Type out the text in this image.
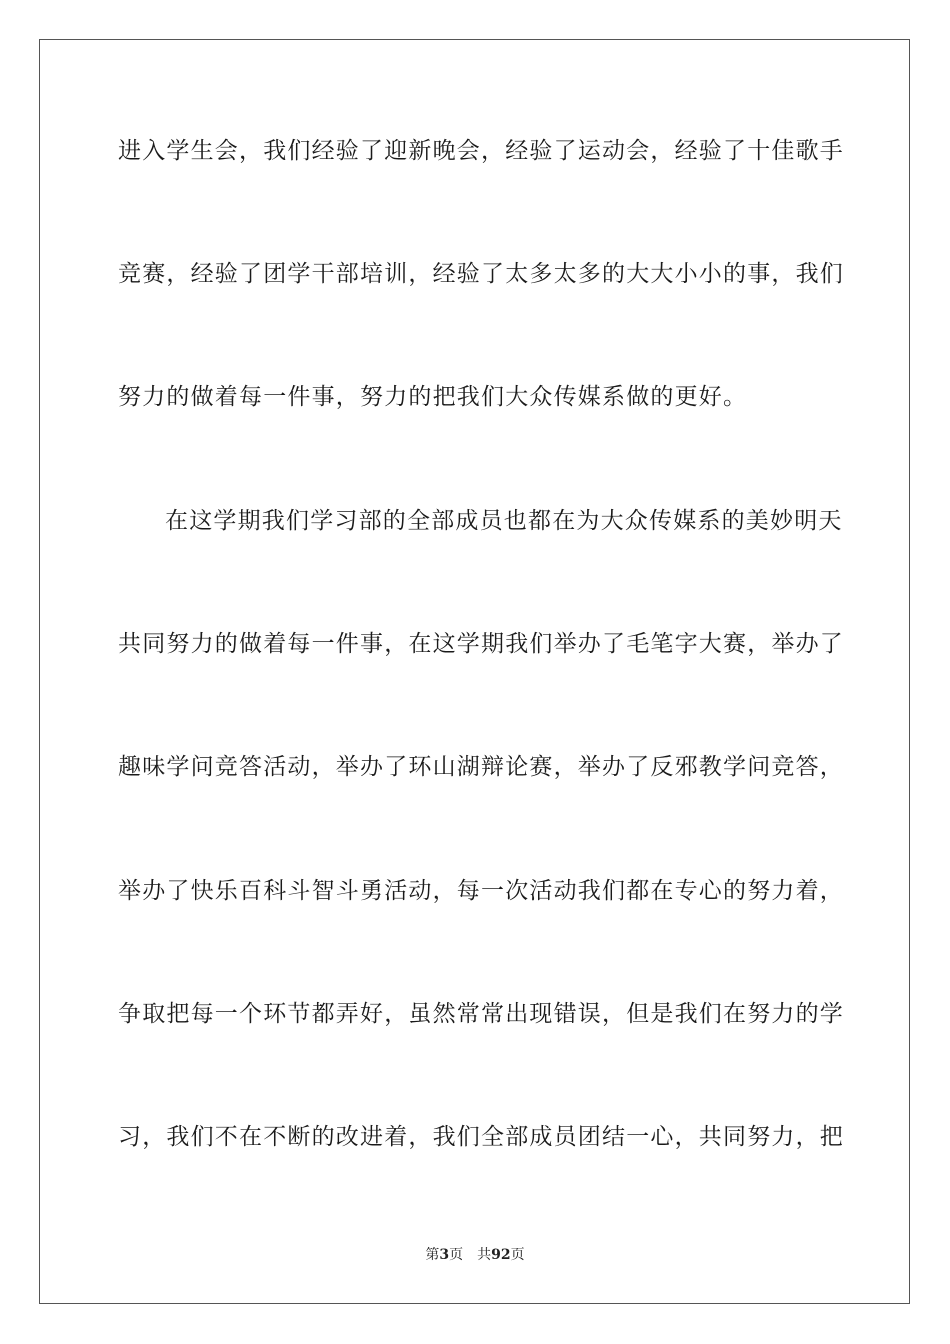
进入学生会，我们经验了迎新晚会，经验了运动会，经验了十佳歌手
竞赛，经验了团学干部培训，经验了太多太多的大大小小的事，我们
努力的做着每一件事，努力的把我们大众传媒系做的更好。
在这学期我们学习部的全部成员也都在为大众传媒系的美妙明天
共同努力的做着每一件事，在这学期我们举办了毛笔字大赛，举办了
趣味学问竞答活动，举办了环山湖辩论赛，举办了反邪教学问竞答，
举办了快乐百科斗智斗勇活动，每一次活动我们都在专心的努力着，
争取把每一个环节都弄好，虽然常常出现错误，但是我们在努力的学
习，我们不在不断的改进着，我们全部成员团结一心，共同努力，把
第3页 共92页
